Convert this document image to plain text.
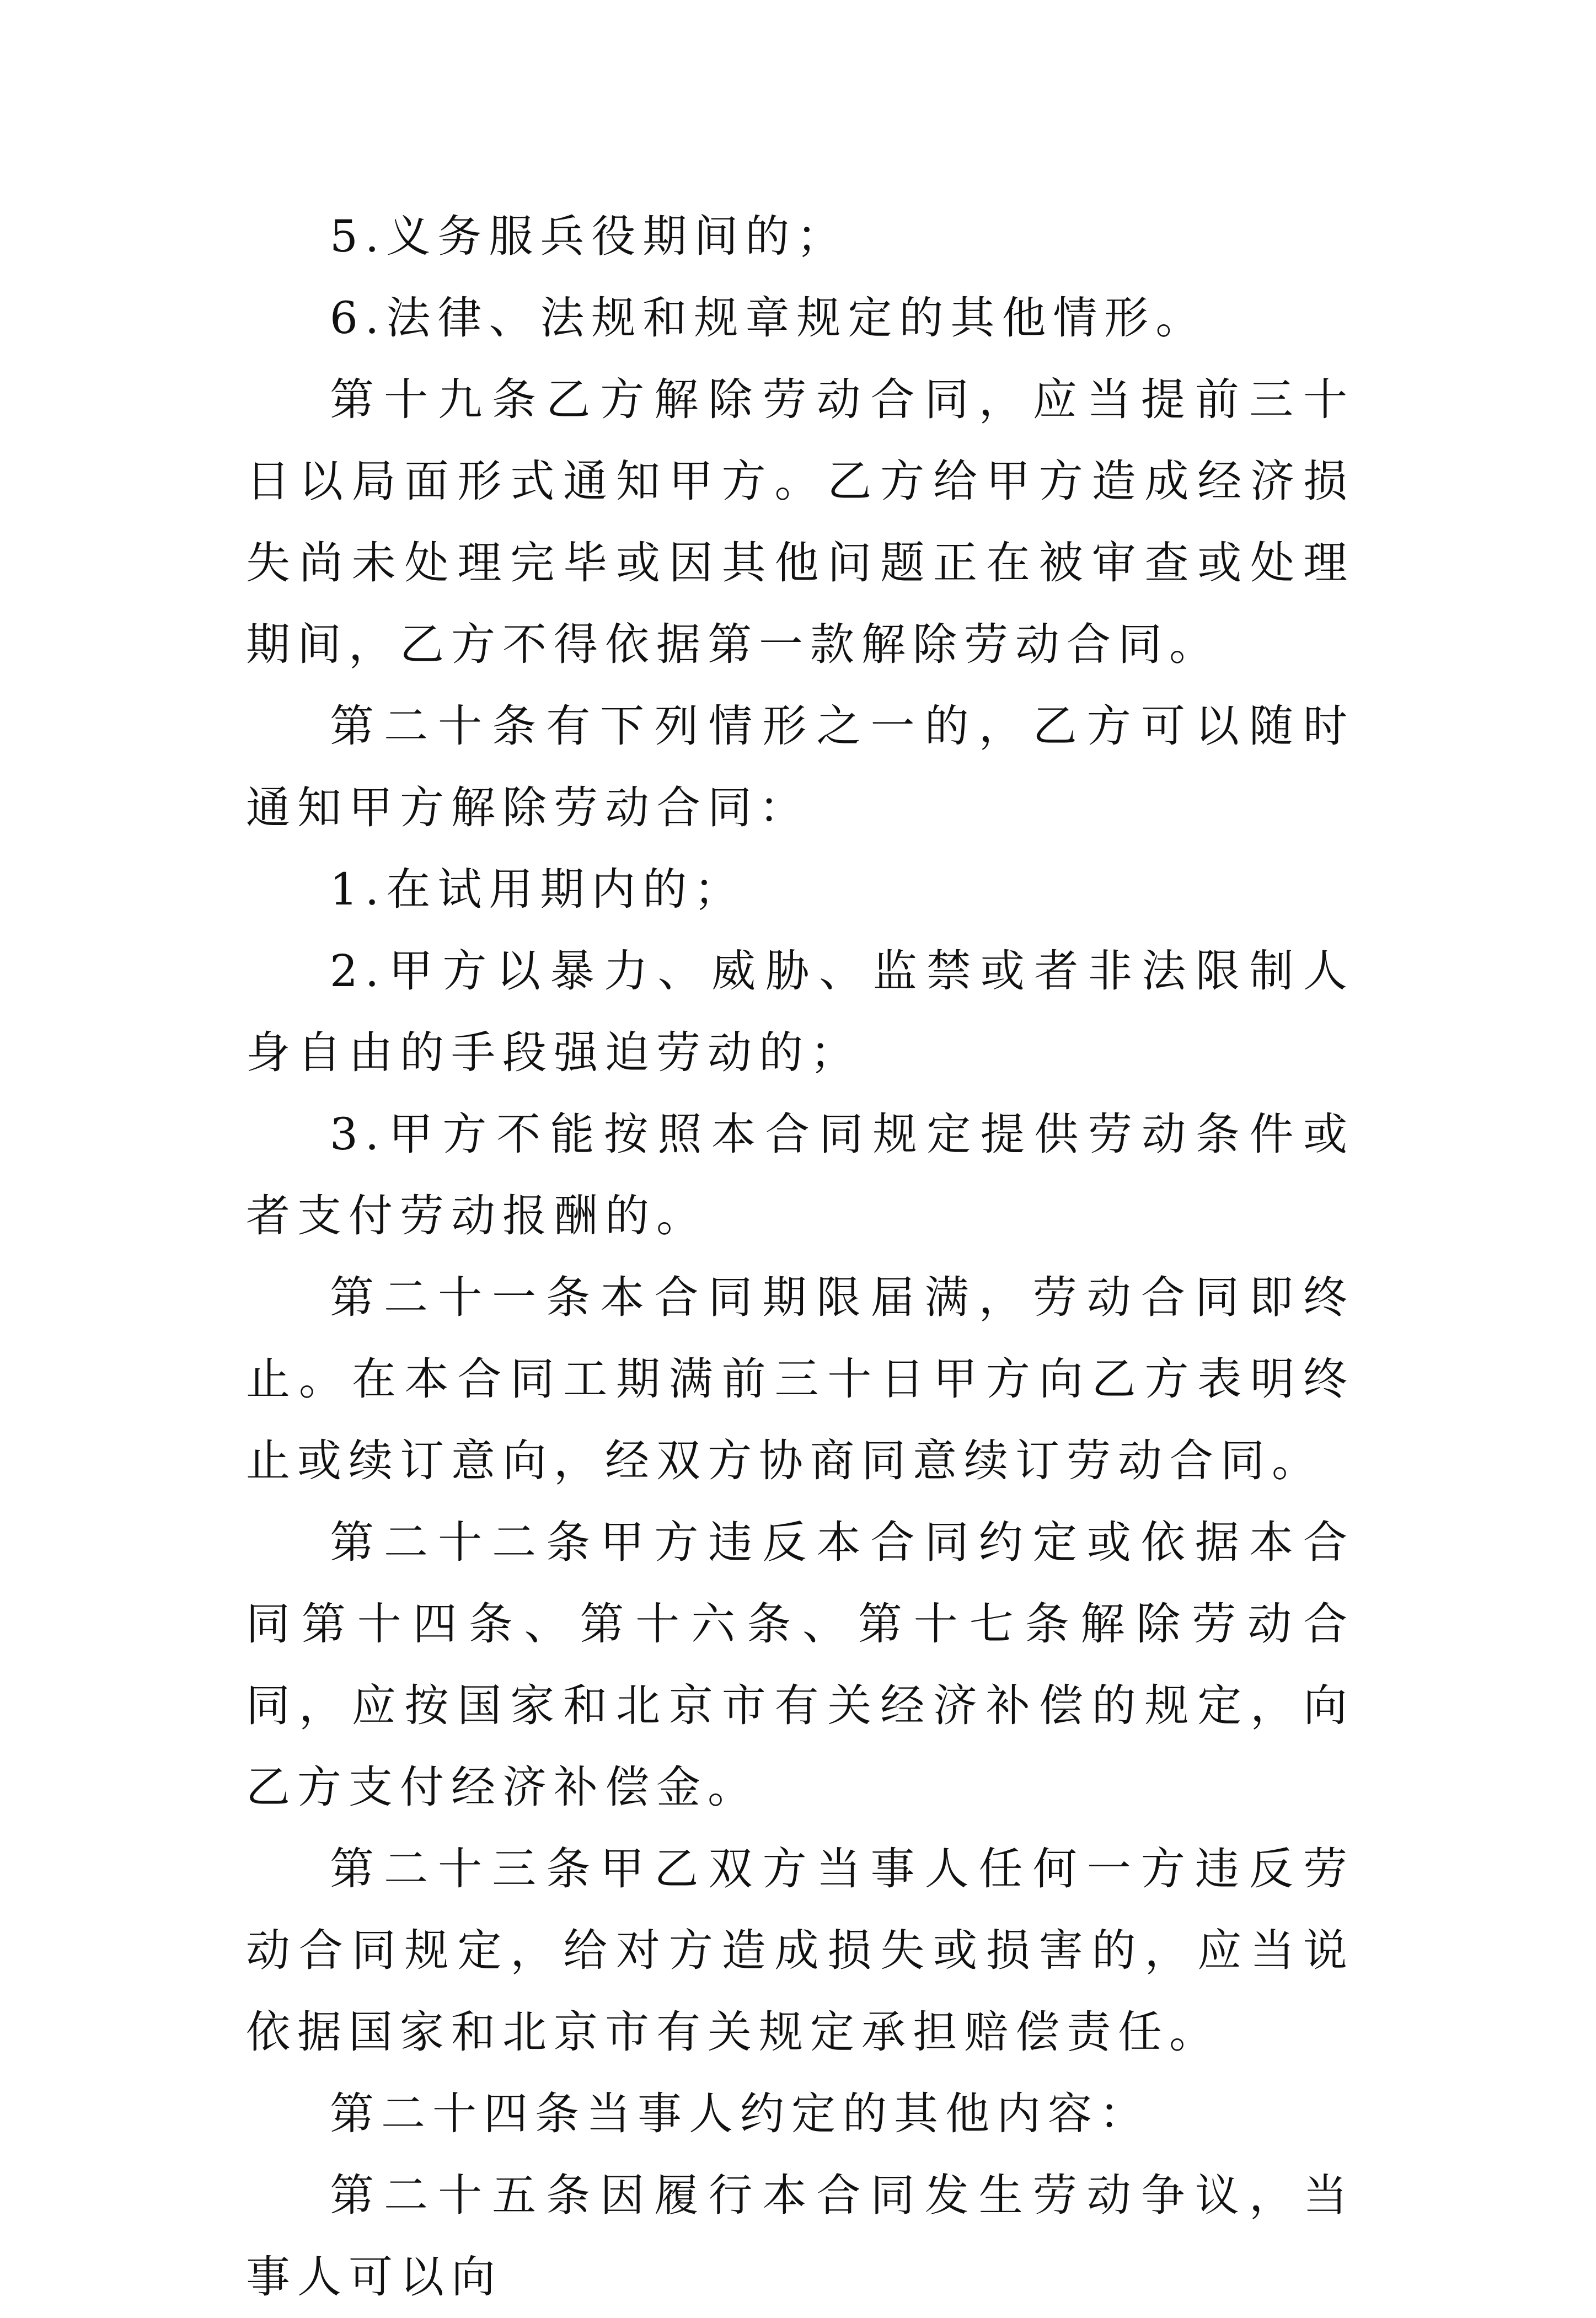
5.义务服兵役期间的；

6.法律、法规和规章规定的其他情形。

第十九条乙方解除劳动合同，应当提前三十日以局面形式通知甲方。乙方给甲方造成经济损失尚未处理完毕或因其他问题正在被审查或处理期间，乙方不得依据第一款解除劳动合同。

第二十条有下列情形之一的，乙方可以随时通知甲方解除劳动合同：

1.在试用期内的；

2.甲方以暴力、威胁、监禁或者非法限制人身自由的手段强迫劳动的；

3.甲方不能按照本合同规定提供劳动条件或者支付劳动报酬的。

第二十一条本合同期限届满，劳动合同即终止。在本合同工期满前三十日甲方向乙方表明终止或续订意向，经双方协商同意续订劳动合同。

第二十二条甲方违反本合同约定或依据本合同第十四条、第十六条、第十七条解除劳动合同，应按国家和北京市有关经济补偿的规定，向乙方支付经济补偿金。

第二十三条甲乙双方当事人任何一方违反劳动合同规定，给对方造成损失或损害的，应当说依据国家和北京市有关规定承担赔偿责任。

第二十四条当事人约定的其他内容：

第二十五条因履行本合同发生劳动争议，当事人可以向
